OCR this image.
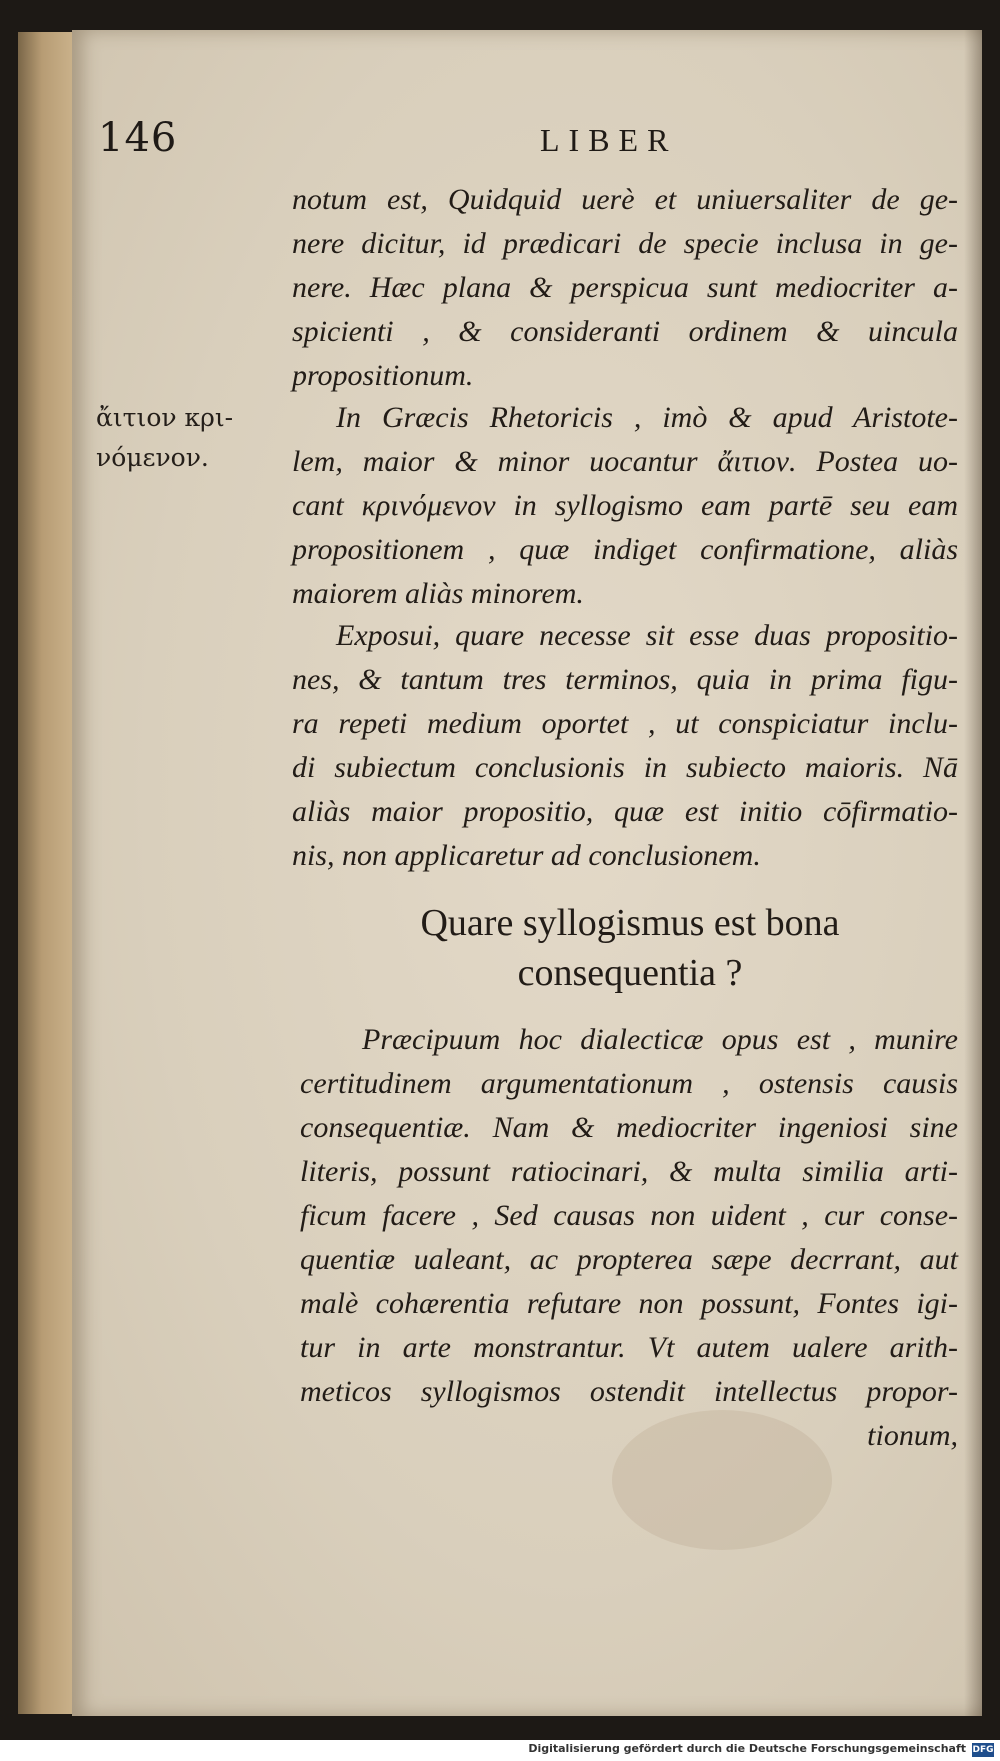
146	LIBER
ἄιτιον κρι-
νόμενον.
notum est, Quidquid uerè et uniuersaliter de ge-
nere dicitur, id prædicari de specie inclusa in ge-
nere. Hæc plana & perspicua sunt mediocriter a-
spicienti , & consideranti ordinem & uincula
propositionum.
In Græcis Rhetoricis , imò & apud Aristote-
lem, maior & minor uocantur ἄιτιον. Postea uo-
cant κρινόμενον in syllogismo eam partē seu eam
propositionem , quæ indiget confirmatione, aliàs
maiorem aliàs minorem.
Exposui, quare necesse sit esse duas propositio-
nes, & tantum tres terminos, quia in prima figu-
ra repeti medium oportet , ut conspiciatur inclu-
di subiectum conclusionis in subiecto maioris. Nā
aliàs maior propositio, quæ est initio cōfirmatio-
nis, non applicaretur ad conclusionem.
Quare syllogismus est bona
consequentia ?
Præcipuum hoc dialecticæ opus est , munire
certitudinem argumentationum , ostensis causis
consequentiæ. Nam & mediocriter ingeniosi sine
literis, possunt ratiocinari, & multa similia arti-
ficum facere , Sed causas non uident , cur conse-
quentiæ ualeant, ac propterea sæpe decrrant, aut
malè cohærentia refutare non possunt, Fontes igi-
tur in arte monstrantur. Vt autem ualere arith-
meticos syllogismos ostendit intellectus propor-
tionum,
Digitalisierung gefördert durch die Deutsche Forschungsgemeinschaft DFG
